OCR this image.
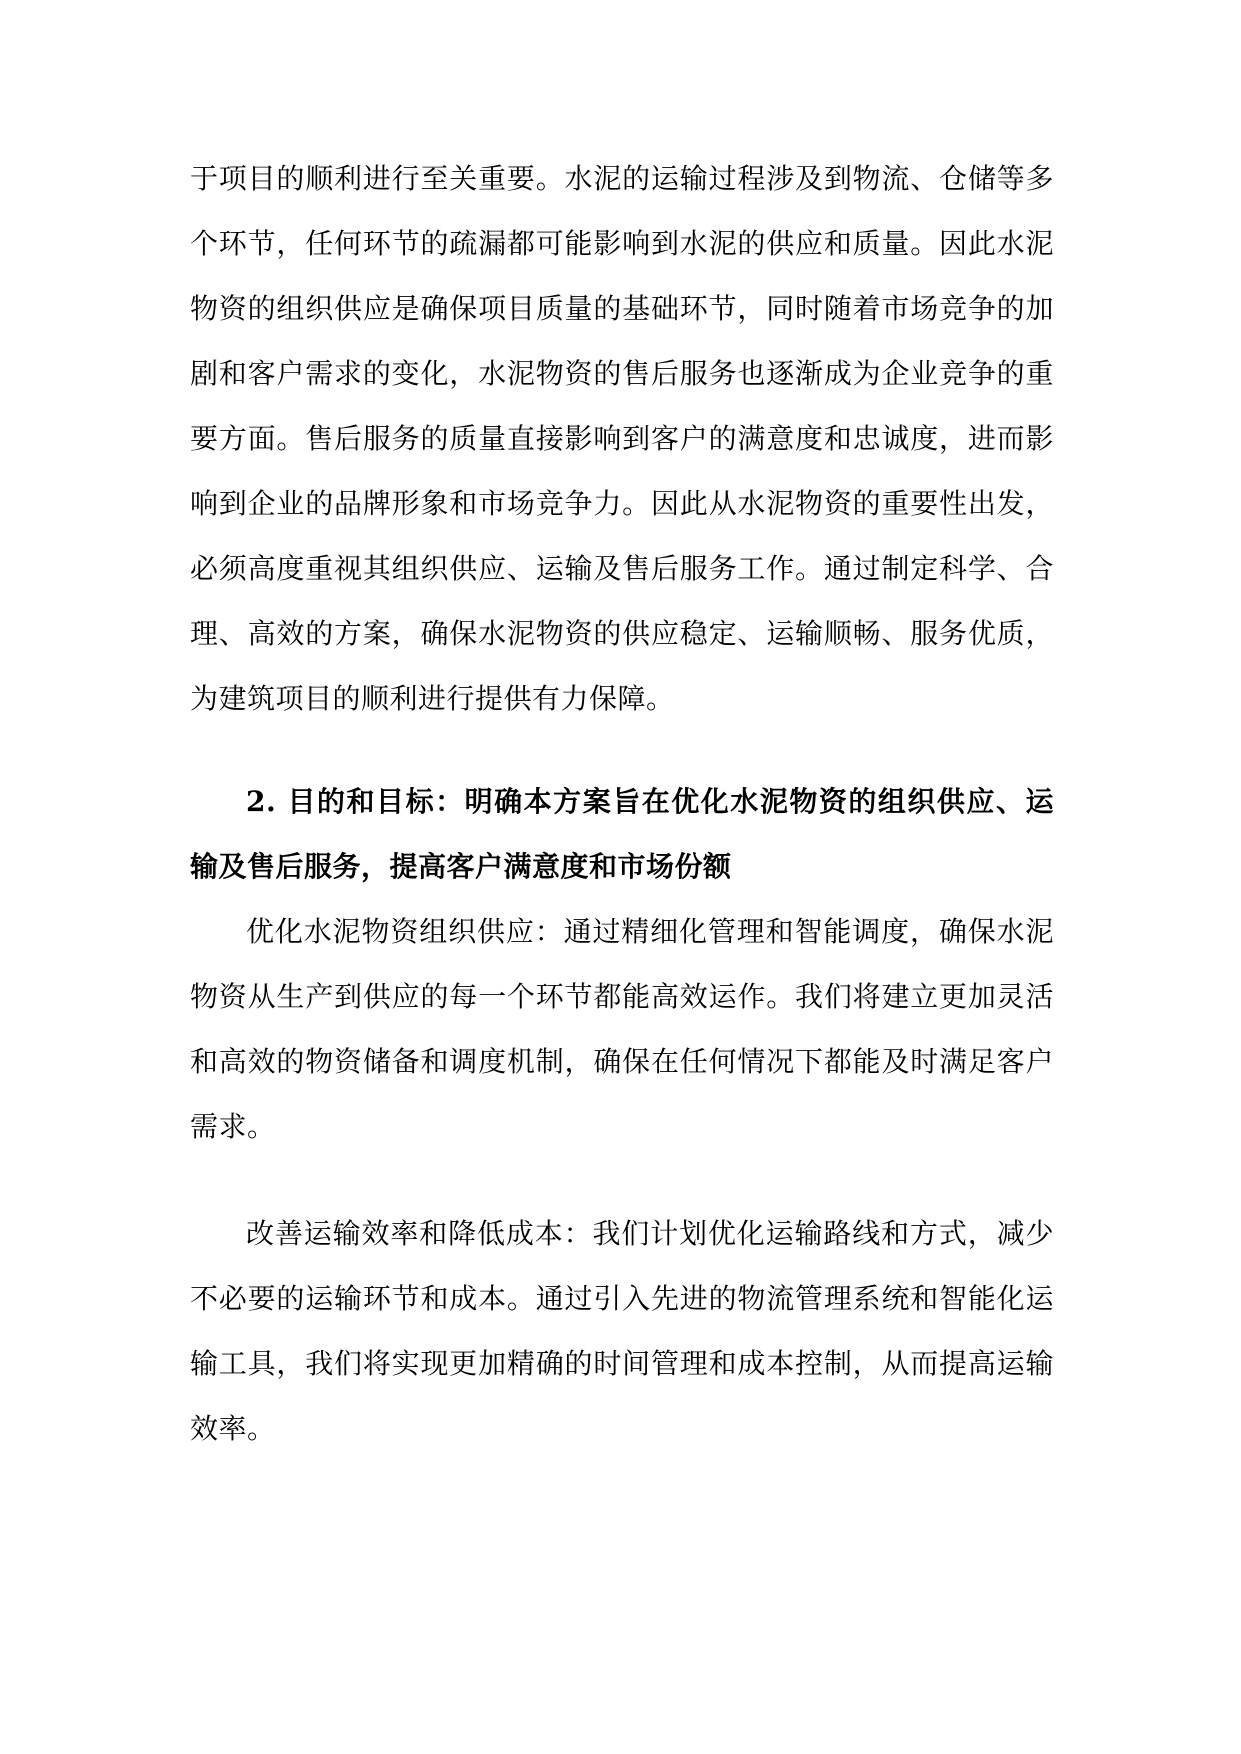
于项目的顺利进行至关重要。水泥的运输过程涉及到物流、仓储等多个环节，任何环节的疏漏都可能影响到水泥的供应和质量。因此水泥物资的组织供应是确保项目质量的基础环节，同时随着市场竞争的加剧和客户需求的变化，水泥物资的售后服务也逐渐成为企业竞争的重要方面。售后服务的质量直接影响到客户的满意度和忠诚度，进而影响到企业的品牌形象和市场竞争力。因此从水泥物资的重要性出发，必须高度重视其组织供应、运输及售后服务工作。通过制定科学、合理、高效的方案，确保水泥物资的供应稳定、运输顺畅、服务优质，为建筑项目的顺利进行提供有力保障。

2. 目的和目标：明确本方案旨在优化水泥物资的组织供应、运输及售后服务，提高客户满意度和市场份额

优化水泥物资组织供应：通过精细化管理和智能调度，确保水泥物资从生产到供应的每一个环节都能高效运作。我们将建立更加灵活和高效的物资储备和调度机制，确保在任何情况下都能及时满足客户需求。

改善运输效率和降低成本：我们计划优化运输路线和方式，减少不必要的运输环节和成本。通过引入先进的物流管理系统和智能化运输工具，我们将实现更加精确的时间管理和成本控制，从而提高运输效率。
